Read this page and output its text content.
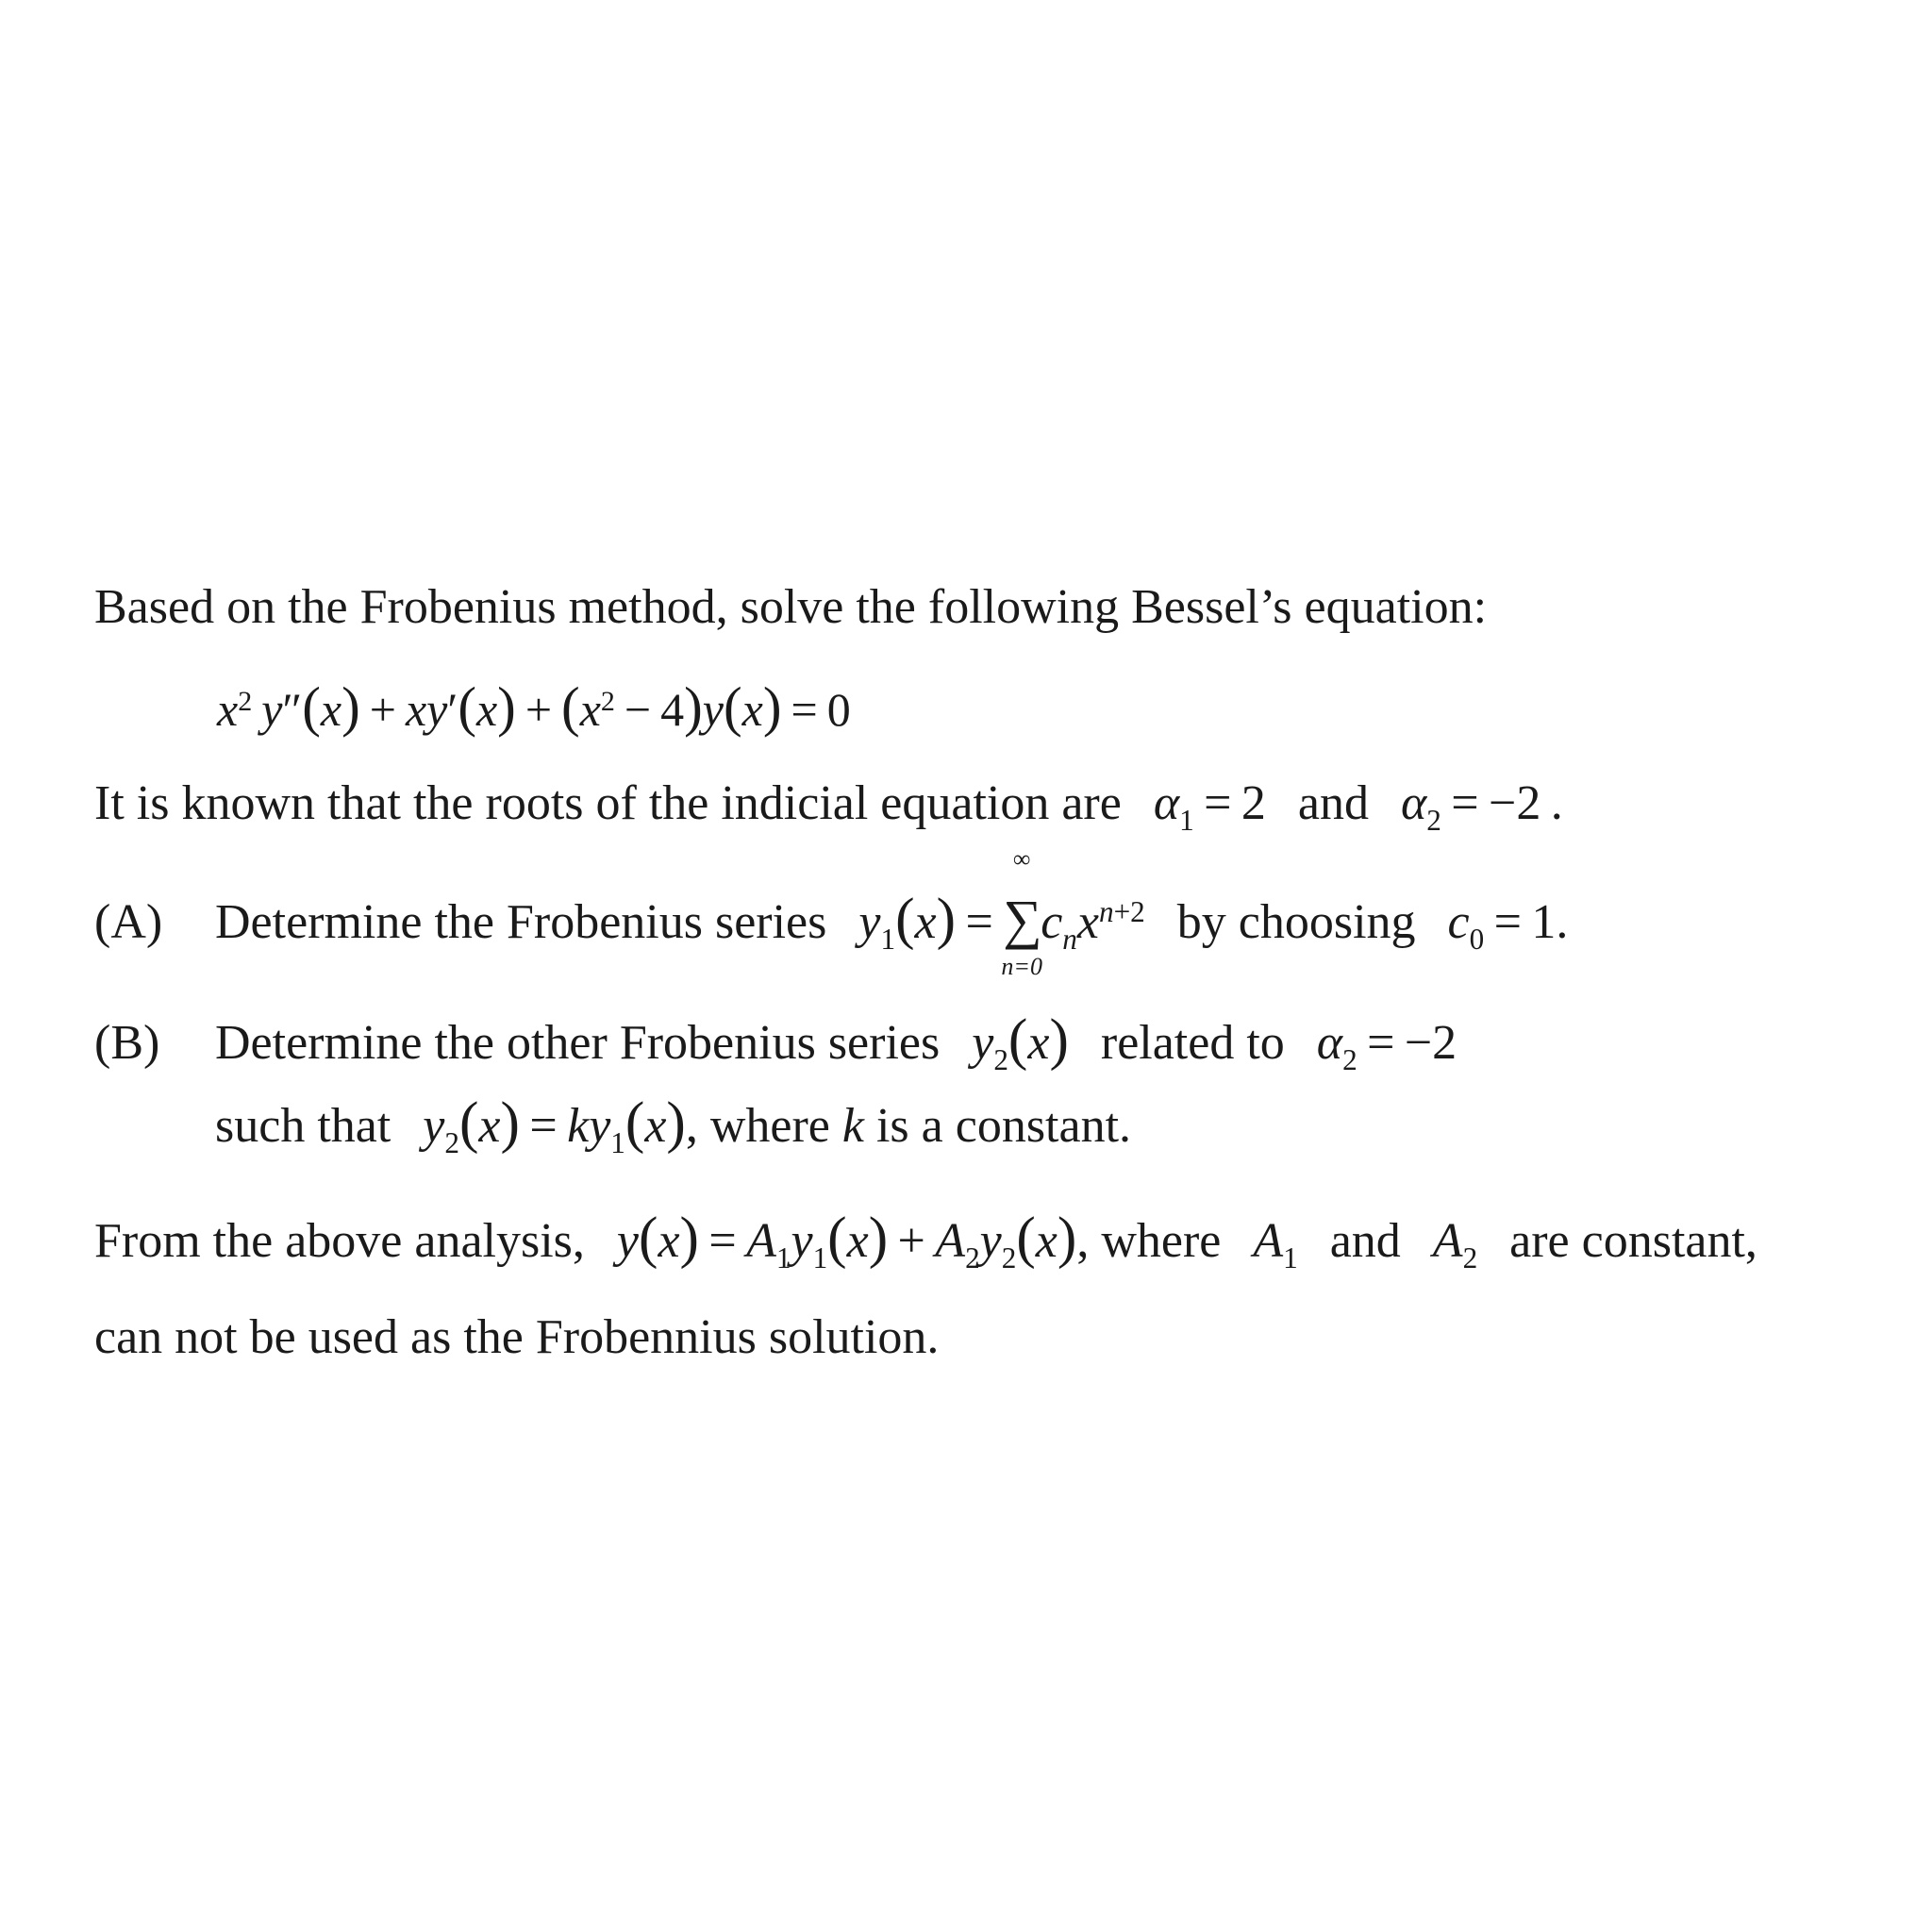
Based on the Frobenius method, solve the following Bessel’s equation:
$x^2$  $y''(x) + xy'(x) + (x^2 - 4)y(x) = 0$
It is known that the roots of the indicial equation are $\alpha_1 = 2$ and $\alpha_2 = -2$ .
(A) Determine the Frobenius series $y_1(x)$ = ∑
∞
n=0
$c_nx^{n+2}$ by choosing $c_0 = 1$.
(B) Determine the other Frobenius series $y_2(x)$ related to $\alpha_2 = -2$
such that $y_2(x) = ky_1(x)$, where k is a constant.
From the above analysis, $y(x) = A_1y_1(x) + A_2y_2(x)$, where $A_1$ and $A_2$ are constant,
can not be used as the Frobennius solution.
